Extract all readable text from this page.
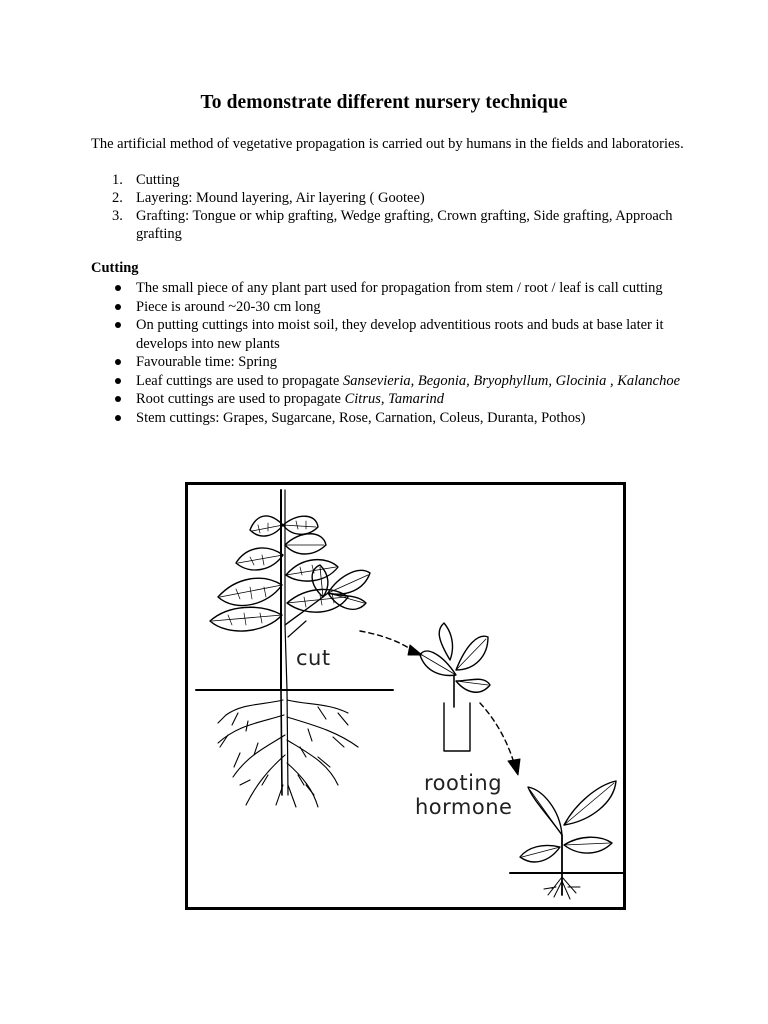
To demonstrate different nursery technique

The artificial method of vegetative propagation is carried out by humans in the fields and laboratories.

1. Cutting
2. Layering: Mound layering, Air layering ( Gootee)
3. Grafting: Tongue or whip grafting, Wedge grafting, Crown grafting, Side grafting, Approach grafting

Cutting

The small piece of any plant part used for propagation from stem / root / leaf is call cutting
Piece is around ~20-30 cm long
On putting cuttings into moist soil, they develop adventitious roots and buds at base later it develops into new plants
Favourable time: Spring
Leaf cuttings are used to propagate Sansevieria, Begonia, Bryophyllum, Glocinia , Kalanchoe
Root cuttings are used to propagate Citrus, Tamarind
Stem cuttings: Grapes, Sugarcane, Rose, Carnation, Coleus, Duranta, Pothos)
cut
rooting
hormone
